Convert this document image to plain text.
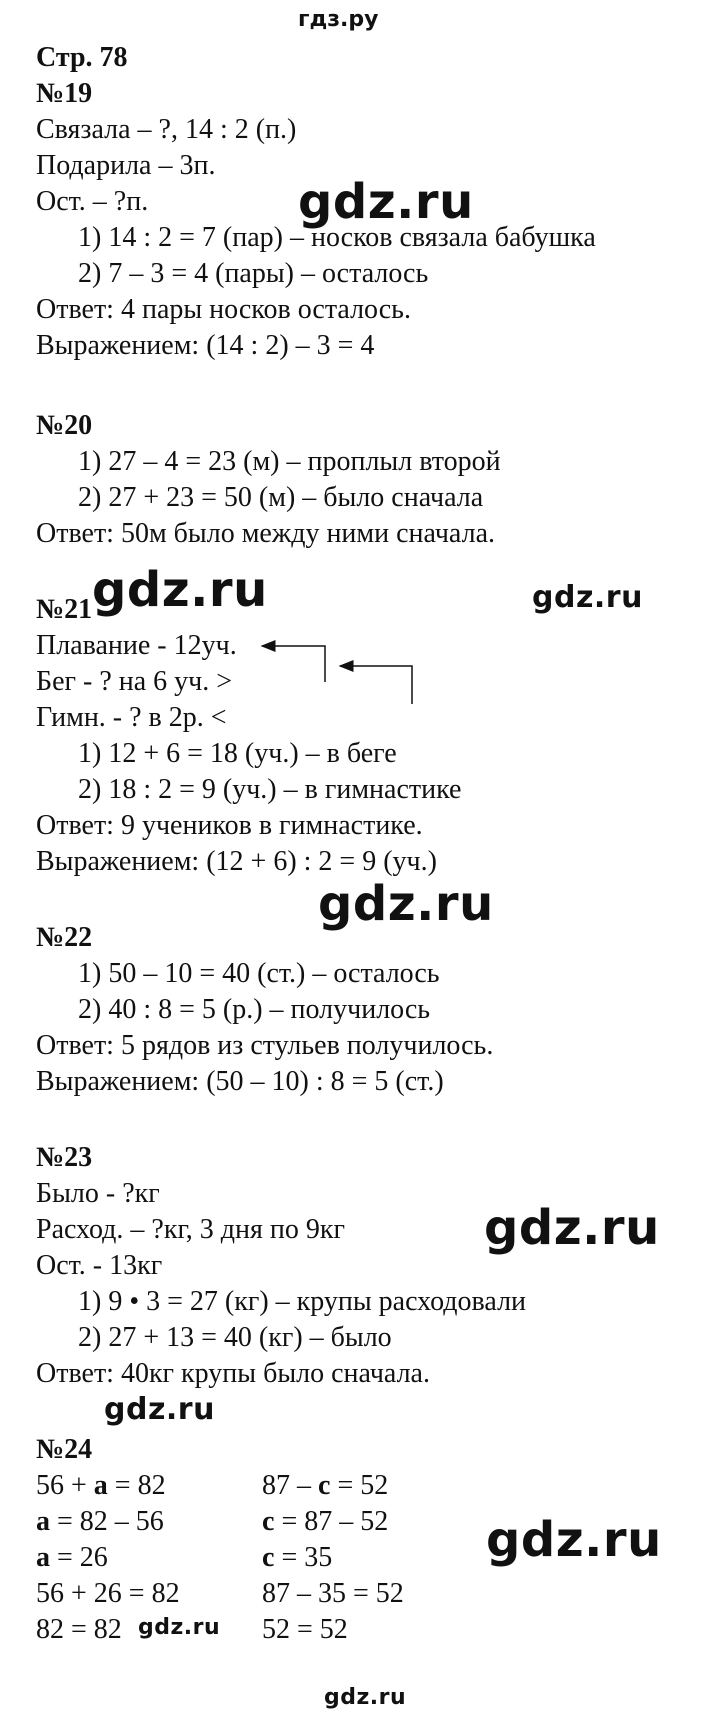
гдз.ру
Стр. 78
№19
Связала – ?, 14 : 2 (п.)
Подарила – 3п.
Ост. – ?п.
1) 14 : 2 = 7 (пар) – носков связала бабушка
2) 7 – 3 = 4 (пары) – осталось
Ответ: 4 пары носков осталось.
Выражением: (14 : 2) – 3 = 4
№20
1) 27 – 4 = 23 (м) – проплыл второй
2) 27 + 23 = 50 (м) – было сначала
Ответ: 50м было между ними сначала.
№21
Плавание - 12уч.
Бег - ? на 6 уч. >
Гимн. - ? в 2р. <
1) 12 + 6 = 18 (уч.) – в беге
2) 18 : 2 = 9 (уч.) – в гимнастике
Ответ: 9 учеников в гимнастике.
Выражением: (12 + 6) : 2 = 9 (уч.)
№22
1) 50 – 10 = 40 (ст.) – осталось
2) 40 : 8 = 5 (р.) – получилось
Ответ: 5 рядов из стульев получилось.
Выражением: (50 – 10) : 8 = 5 (ст.)
№23
Было - ?кг
Расход. – ?кг, 3 дня по 9кг
Ост. - 13кг
1) 9 • 3 = 27 (кг) – крупы расходовали
2) 27 + 13 = 40 (кг) – было
Ответ: 40кг крупы было сначала.
№24
56 + a = 82
a = 82 – 56
a = 26
56 + 26 = 82
82 = 82
87 – c = 52
c = 87 – 52
c = 35
87 – 35 = 52
52 = 52
gdz.ru
gdz.ru	gdz.ru
gdz.ru
gdz.ru
gdz.ru
gdz.ru
gdz.ru
gdz.ru
